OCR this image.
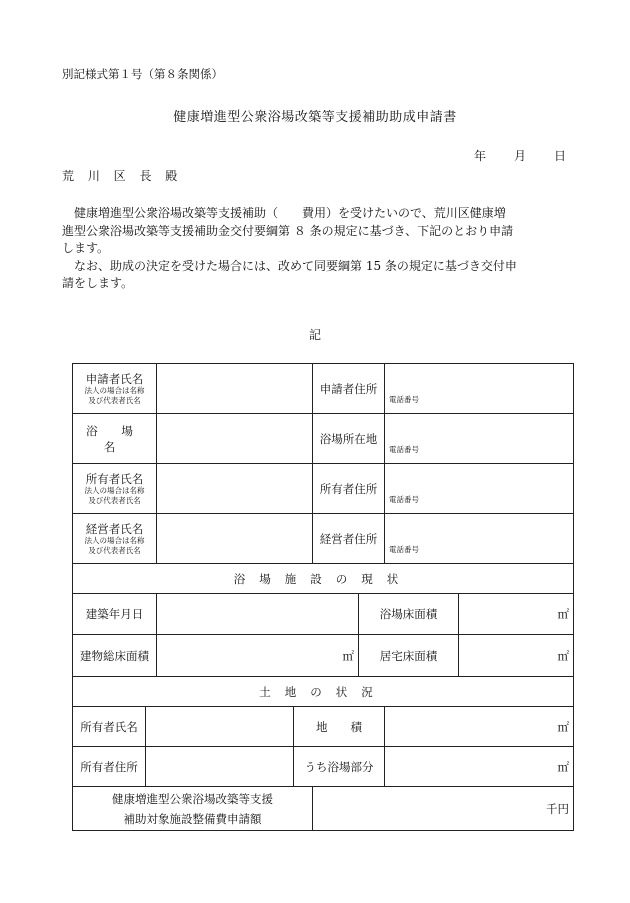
別記様式第１号（第８条関係）
健康増進型公衆浴場改築等支援補助助成申請書
年 月 日
荒 川 区 長 殿

健康増進型公衆浴場改築等支援補助（　　費用）を受けたいので、荒川区健康増
進型公衆浴場改築等支援補助金交付要綱第 ８ 条の規定に基づき、下記のとおり申請
します。
なお、助成の決定を受けた場合には、改めて同要綱第 15 条の規定に基づき交付申
請をします。

記
申請者氏名
法人の場合は名称
及び代表者氏名				申請者住所		電話番号	

浴 場 名				浴場所在地		電話番号	

所有者氏名
法人の場合は名称
及び代表者氏名				所有者住所		電話番号	

経営者氏名
法人の場合は名称
及び代表者氏名				経営者住所		電話番号	

浴場施設の現状							
建築年月日					浴場床面積		㎡
建物総床面積		㎡			居宅床面積		㎡
土地の状況							
所有者氏名			地　　積			㎡	
所有者住所			うち浴場部分			㎡	

健康増進型公衆浴場改築等支援
補助対象施設整備費申請額				千円			
